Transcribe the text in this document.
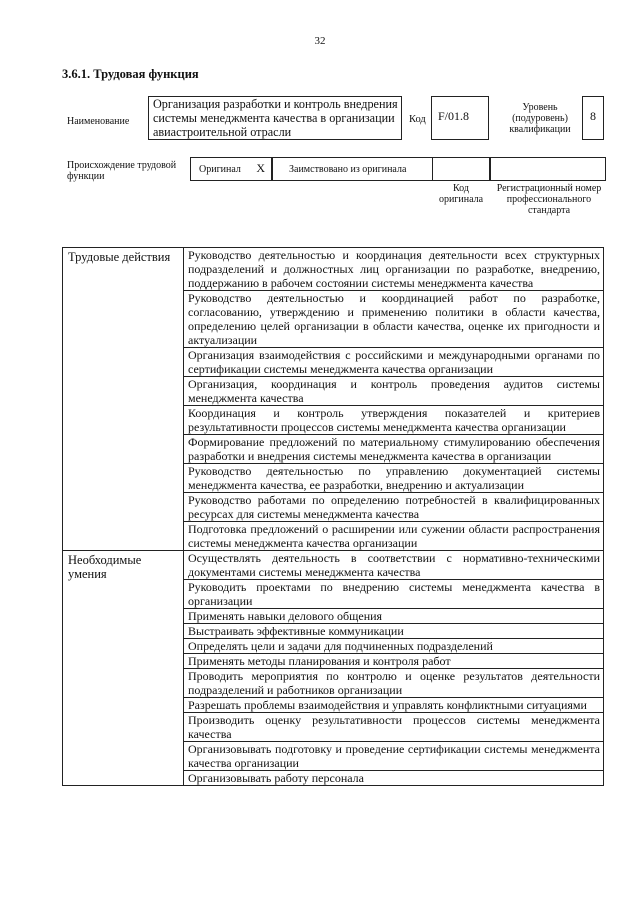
32
3.6.1. Трудовая функция
Наименование
Организация разработки и контроль внедрения системы менеджмента качества в организации авиастроительной отрасли
Код	F/01.8
Уровень (подуровень) квалификации
8
Происхождение трудовой функции
Оригинал X	Заимствовано из оригинала
Код оригинала
Регистрационный номер профессионального стандарта
Трудовые действия	Руководство деятельностью и координация деятельности всех структурных подразделений и должностных лиц организации по разработке, внедрению, поддержанию в рабочем состоянии системы менеджмента качества
	Руководство деятельностью и координацией работ по разработке, согласованию, утверждению и применению политики в области качества, определению целей организации в области качества, оценке их пригодности и актуализации
	Организация взаимодействия с российскими и международными органами по сертификации системы менеджмента качества организации
	Организация, координация и контроль проведения аудитов системы менеджмента качества
	Координация и контроль утверждения показателей и критериев результативности процессов системы менеджмента качества организации
	Формирование предложений по материальному стимулированию обеспечения разработки и внедрения системы менеджмента качества в организации
	Руководство деятельностью по управлению документацией системы менеджмента качества, ее разработки, внедрению и актуализации
	Руководство работами по определению потребностей в квалифицированных ресурсах для системы менеджмента качества
	Подготовка предложений о расширении или сужении области распространения системы менеджмента качества организации

Необходимые
умения	Осуществлять деятельность в соответствии с нормативно-техническими документами системы менеджмента качества
	Руководить проектами по внедрению системы менеджмента качества в организации
	Применять навыки делового общения
	Выстраивать эффективные коммуникации
	Определять цели и задачи для подчиненных подразделений
	Применять методы планирования и контроля работ
	Проводить мероприятия по контролю и оценке результатов деятельности подразделений и работников организации
	Разрешать проблемы взаимодействия и управлять конфликтными ситуациями
	Производить оценку результативности процессов системы менеджмента качества
	Организовывать подготовку и проведение сертификации системы менеджмента качества организации
	Организовывать работу персонала
